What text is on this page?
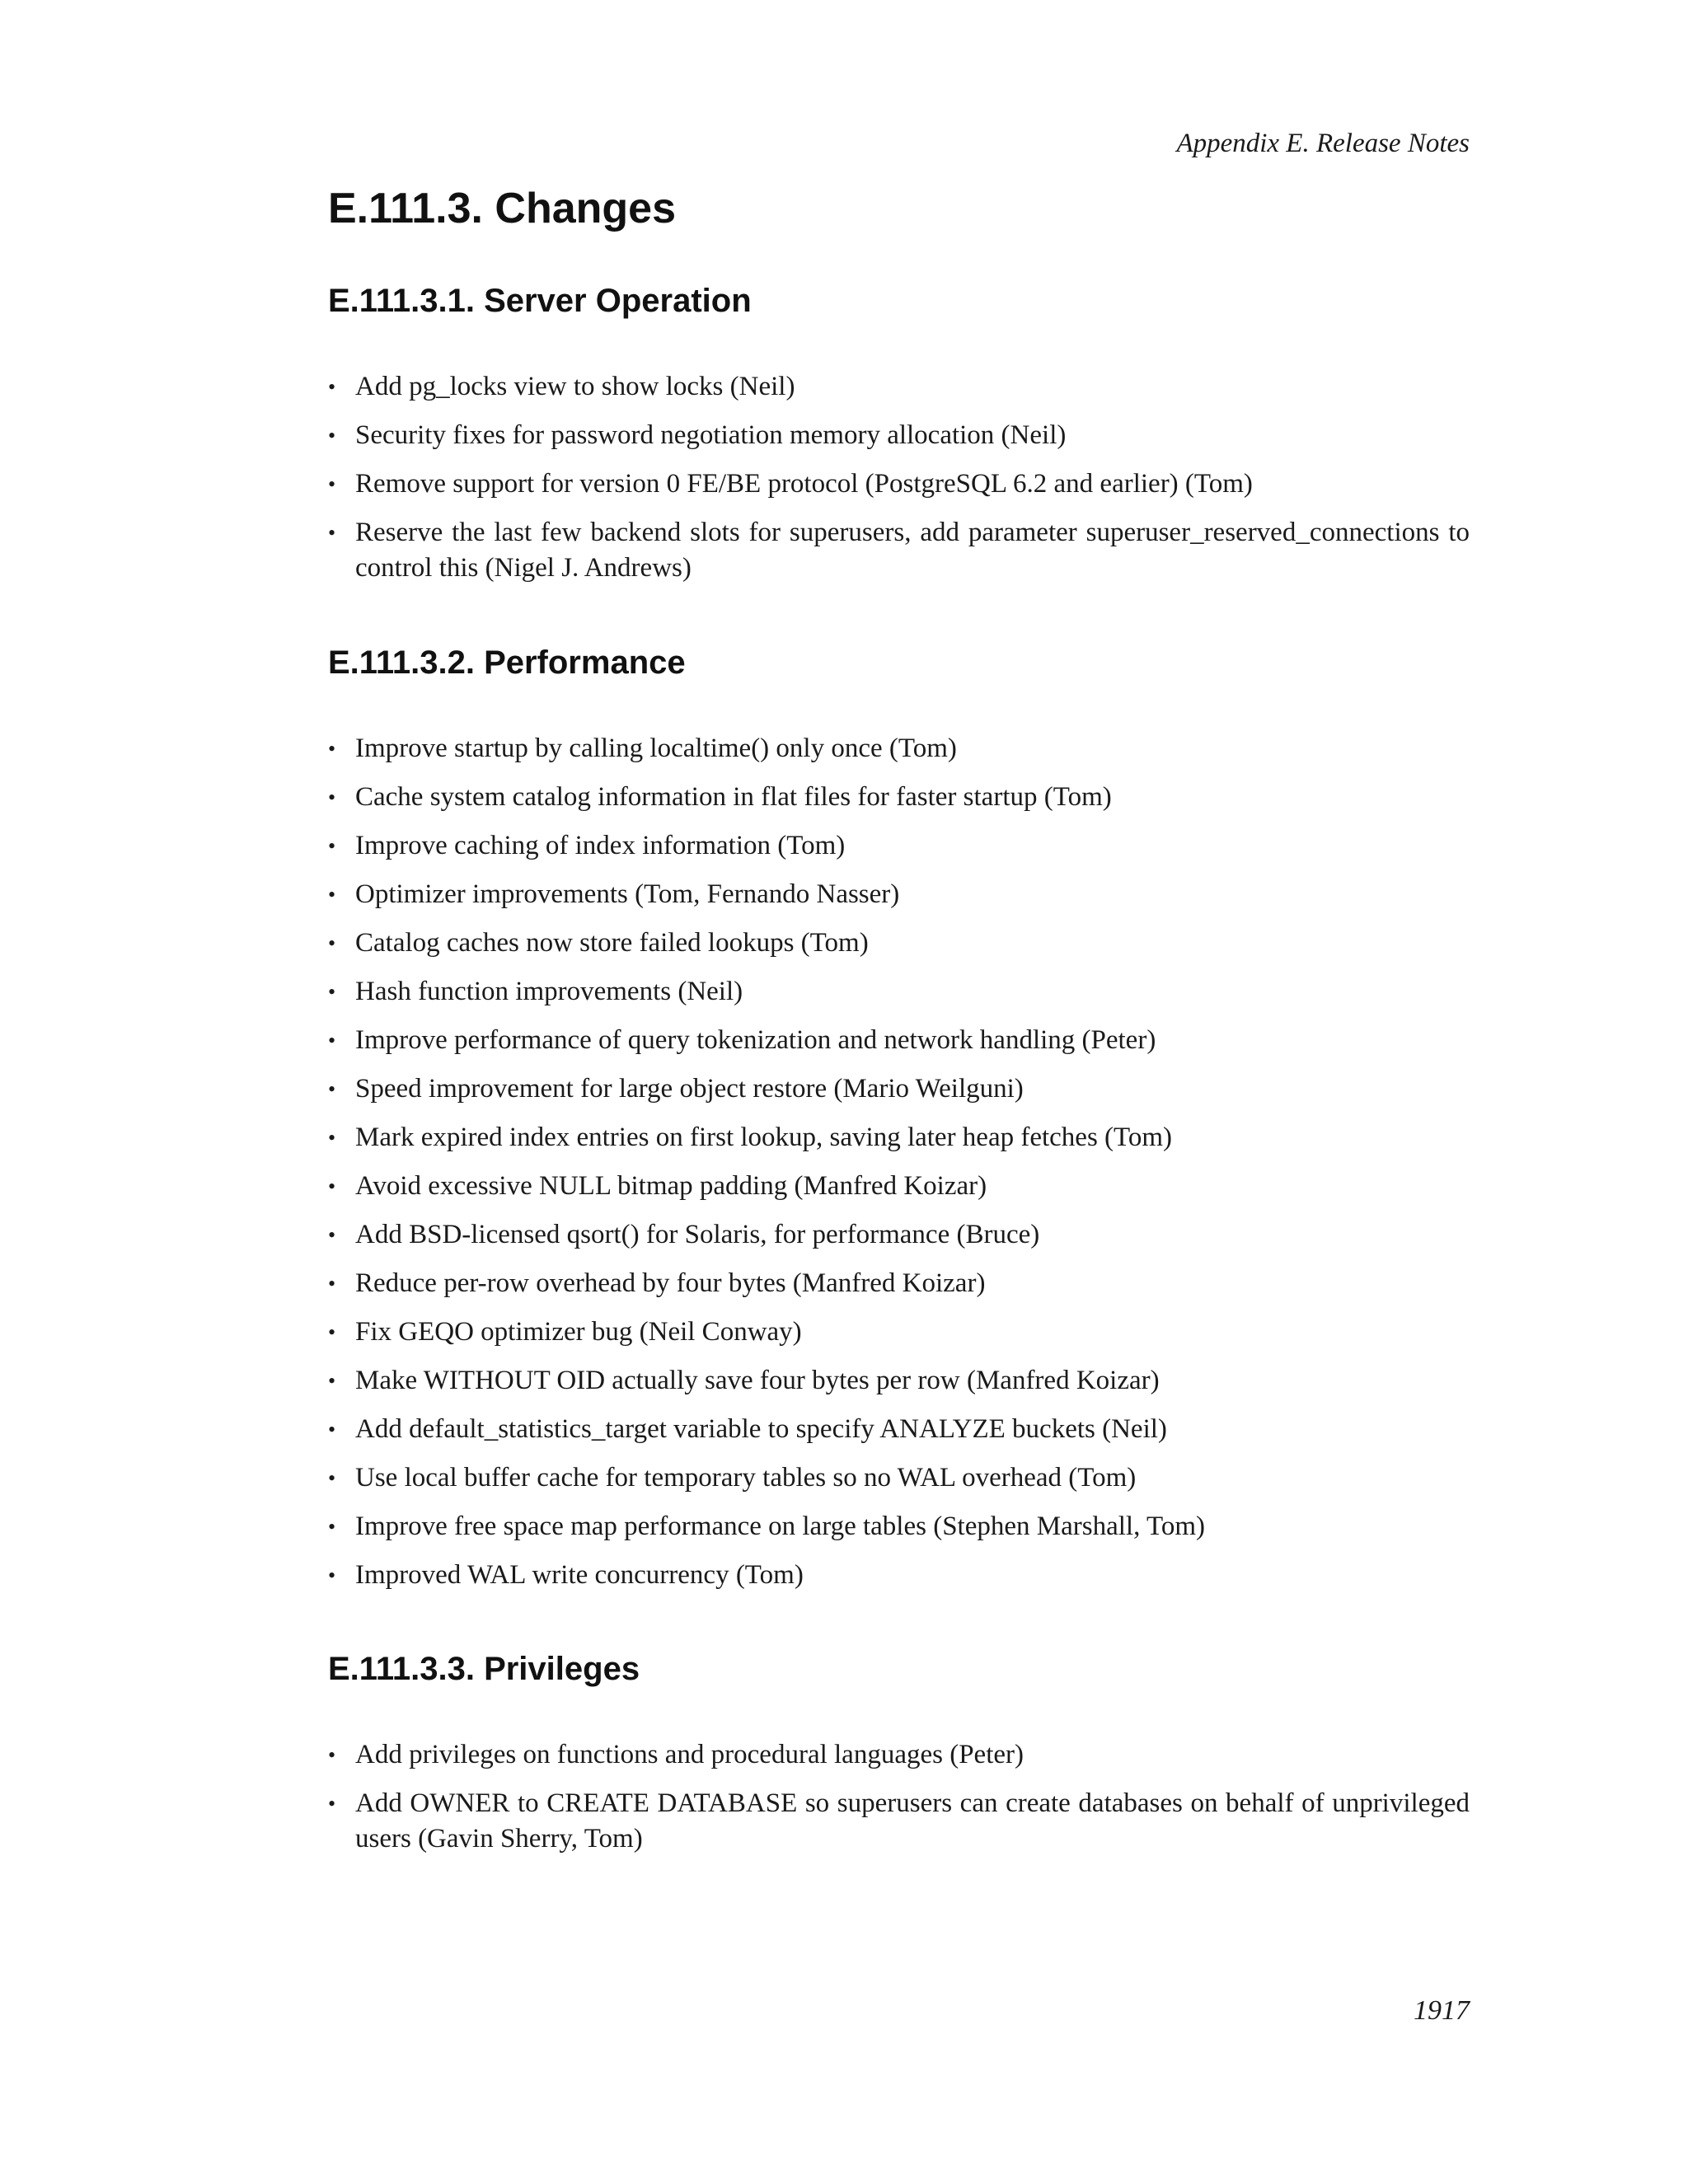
Appendix E. Release Notes
E.111.3. Changes
E.111.3.1. Server Operation
• Add pg_locks view to show locks (Neil)
• Security fixes for password negotiation memory allocation (Neil)
• Remove support for version 0 FE/BE protocol (PostgreSQL 6.2 and earlier) (Tom)
• Reserve the last few backend slots for superusers, add parameter superuser_reserved_connections to control this (Nigel J. Andrews)
E.111.3.2. Performance
• Improve startup by calling localtime() only once (Tom)
• Cache system catalog information in flat files for faster startup (Tom)
• Improve caching of index information (Tom)
• Optimizer improvements (Tom, Fernando Nasser)
• Catalog caches now store failed lookups (Tom)
• Hash function improvements (Neil)
• Improve performance of query tokenization and network handling (Peter)
• Speed improvement for large object restore (Mario Weilguni)
• Mark expired index entries on first lookup, saving later heap fetches (Tom)
• Avoid excessive NULL bitmap padding (Manfred Koizar)
• Add BSD-licensed qsort() for Solaris, for performance (Bruce)
• Reduce per-row overhead by four bytes (Manfred Koizar)
• Fix GEQO optimizer bug (Neil Conway)
• Make WITHOUT OID actually save four bytes per row (Manfred Koizar)
• Add default_statistics_target variable to specify ANALYZE buckets (Neil)
• Use local buffer cache for temporary tables so no WAL overhead (Tom)
• Improve free space map performance on large tables (Stephen Marshall, Tom)
• Improved WAL write concurrency (Tom)
E.111.3.3. Privileges
• Add privileges on functions and procedural languages (Peter)
• Add OWNER to CREATE DATABASE so superusers can create databases on behalf of unprivileged users (Gavin Sherry, Tom)
1917
